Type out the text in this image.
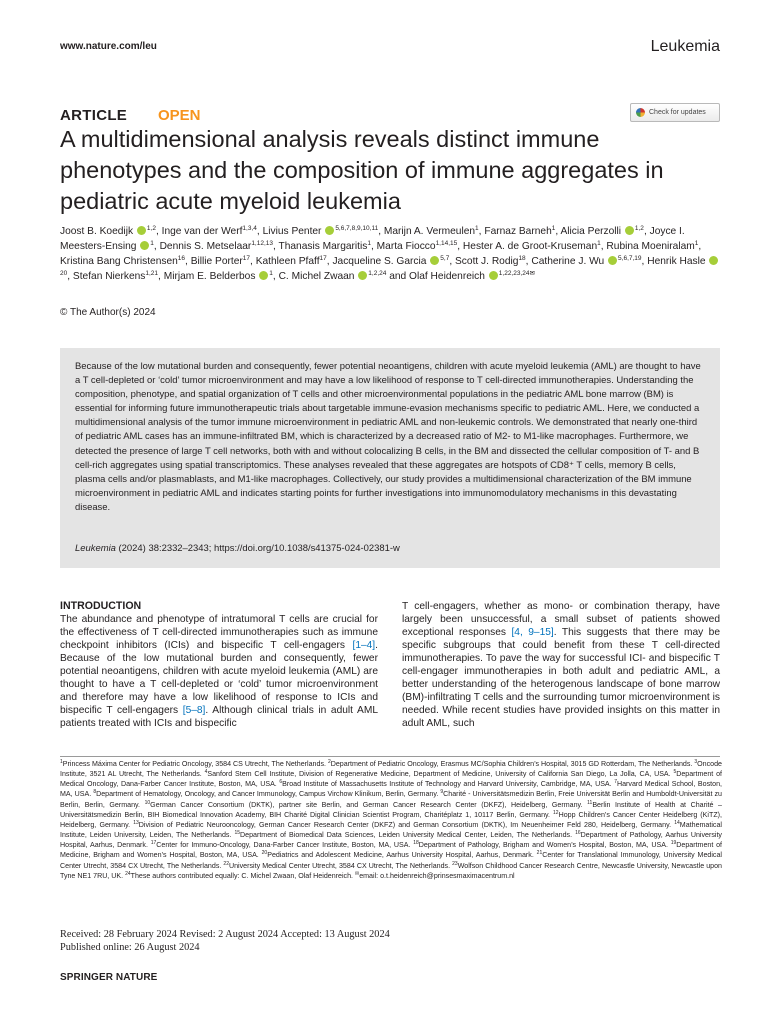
www.nature.com/leu	Leukemia
ARTICLE OPEN	Check for updates
A multidimensional analysis reveals distinct immune phenotypes and the composition of immune aggregates in pediatric acute myeloid leukemia

Joost B. Koedijk $^{1,2}$, Inge van der Werf$^{1,3,4}$, Livius Penter $^{5,6,7,8,9,10,11}$, Marijn A. Vermeulen$^1$, Farnaz Barneh$^1$, Alicia Perzolli $^{1,2}$, Joyce I. Meesters-Ensing $^1$, Dennis S. Metselaar$^{1,12,13}$, Thanasis Margaritis$^1$, Marta Fiocco$^{1,14,15}$, Hester A. de Groot-Kruseman$^1$, Rubina Moeniralam$^1$, Kristina Bang Christensen$^{16}$, Billie Porter$^{17}$, Kathleen Pfaff$^{17}$, Jacqueline S. Garcia $^{5,7}$, Scott J. Rodig$^{18}$, Catherine J. Wu $^{5,6,7,19}$, Henrik Hasle $^{20}$, Stefan Nierkens$^{1,21}$, Mirjam E. Belderbos $^1$, C. Michel Zwaan $^{1,2,24}$ and Olaf Heidenreich $^{1,22,23,24✉}$

© The Author(s) 2024

Because of the low mutational burden and consequently, fewer potential neoantigens, children with acute myeloid leukemia (AML) are thought to have a T cell-depleted or ‘cold’ tumor microenvironment and may have a low likelihood of response to T cell-directed immunotherapies. Understanding the composition, phenotype, and spatial organization of T cells and other microenvironmental populations in the pediatric AML bone marrow (BM) is essential for informing future immunotherapeutic trials about targetable immune-evasion mechanisms specific to pediatric AML. Here, we conducted a multidimensional analysis of the tumor immune microenvironment in pediatric AML and non-leukemic controls. We demonstrated that nearly one-third of pediatric AML cases has an immune-infiltrated BM, which is characterized by a decreased ratio of M2- to M1-like macrophages. Furthermore, we detected the presence of large T cell networks, both with and without colocalizing B cells, in the BM and dissected the cellular composition of T- and B cell-rich aggregates using spatial transcriptomics. These analyses revealed that these aggregates are hotspots of CD8⁺ T cells, memory B cells, plasma cells and/or plasmablasts, and M1-like macrophages. Collectively, our study provides a multidimensional characterization of the BM immune microenvironment in pediatric AML and indicates starting points for further investigations into immunomodulatory mechanisms in this devastating disease.

Leukemia (2024) 38:2332–2343; https://doi.org/10.1038/s41375-024-02381-w
INTRODUCTION

The abundance and phenotype of intratumoral T cells are crucial for the effectiveness of T cell-directed immunotherapies such as immune checkpoint inhibitors (ICIs) and bispecific T cell-engagers [1–4]. Because of the low mutational burden and consequently, fewer potential neoantigens, children with acute myeloid leukemia (AML) are thought to have a T cell-depleted or ‘cold’ tumor microenvironment and therefore may have a low likelihood of response to ICIs and bispecific T cell-engagers [5–8]. Although clinical trials in adult AML patients treated with ICIs and bispecific

T cell-engagers, whether as mono- or combination therapy, have largely been unsuccessful, a small subset of patients showed exceptional responses [4, 9–15]. This suggests that there may be specific subgroups that could benefit from these T cell-directed immunotherapies. To pave the way for successful ICI- and bispecific T cell-engager immunotherapies in both adult and pediatric AML, a better understanding of the heterogenous landscape of bone marrow (BM)-infiltrating T cells and the surrounding tumor microenvironment is needed. While recent studies have provided insights on this matter in adult AML, such

$^1$Princess Máxima Center for Pediatric Oncology, 3584 CS Utrecht, The Netherlands. $^2$Department of Pediatric Oncology, Erasmus MC/Sophia Children’s Hospital, 3015 GD Rotterdam, The Netherlands. $^3$Oncode Institute, 3521 AL Utrecht, The Netherlands. $^4$Sanford Stem Cell Institute, Division of Regenerative Medicine, Department of Medicine, University of California San Diego, La Jolla, CA, USA. $^5$Department of Medical Oncology, Dana-Farber Cancer Institute, Boston, MA, USA. $^6$Broad Institute of Massachusetts Institute of Technology and Harvard University, Cambridge, MA, USA. $^7$Harvard Medical School, Boston, MA, USA. $^8$Department of Hematology, Oncology, and Cancer Immunology, Campus Virchow Klinikum, Berlin, Germany. $^9$Charité - Universitätsmedizin Berlin, Freie Universität Berlin and Humboldt-Universität zu Berlin, Berlin, Germany. $^{10}$German Cancer Consortium (DKTK), partner site Berlin, and German Cancer Research Center (DKFZ), Heidelberg, Germany. $^{11}$Berlin Institute of Health at Charité – Universitätsmedizin Berlin, BIH Biomedical Innovation Academy, BIH Charité Digital Clinician Scientist Program, Charitéplatz 1, 10117 Berlin, Germany. $^{12}$Hopp Children’s Cancer Center Heidelberg (KiTZ), Heidelberg, Germany. $^{13}$Division of Pediatric Neurooncology, German Cancer Research Center (DKFZ) and German Consortium (DKTK), Im Neuenheimer Feld 280, Heidelberg, Germany. $^{14}$Mathematical Institute, Leiden University, Leiden, The Netherlands. $^{15}$Department of Biomedical Data Sciences, Leiden University Medical Center, Leiden, The Netherlands. $^{16}$Department of Pathology, Aarhus University Hospital, Aarhus, Denmark. $^{17}$Center for Immuno-Oncology, Dana-Farber Cancer Institute, Boston, MA, USA. $^{18}$Department of Pathology, Brigham and Women’s Hospital, Boston, MA, USA. $^{19}$Department of Medicine, Brigham and Women’s Hospital, Boston, MA, USA. $^{20}$Pediatrics and Adolescent Medicine, Aarhus University Hospital, Aarhus, Denmark. $^{21}$Center for Translational Immunology, University Medical Center Utrecht, 3584 CX Utrecht, The Netherlands. $^{22}$University Medical Center Utrecht, 3584 CX Utrecht, The Netherlands. $^{23}$Wolfson Childhood Cancer Research Centre, Newcastle University, Newcastle upon Tyne NE1 7RU, UK. $^{24}$These authors contributed equally: C. Michel Zwaan, Olaf Heidenreich. ✉email: o.t.heidenreich@prinsesmaximacentrum.nl

Received: 28 February 2024 Revised: 2 August 2024 Accepted: 13 August 2024
Published online: 26 August 2024
SPRINGER NATURE
